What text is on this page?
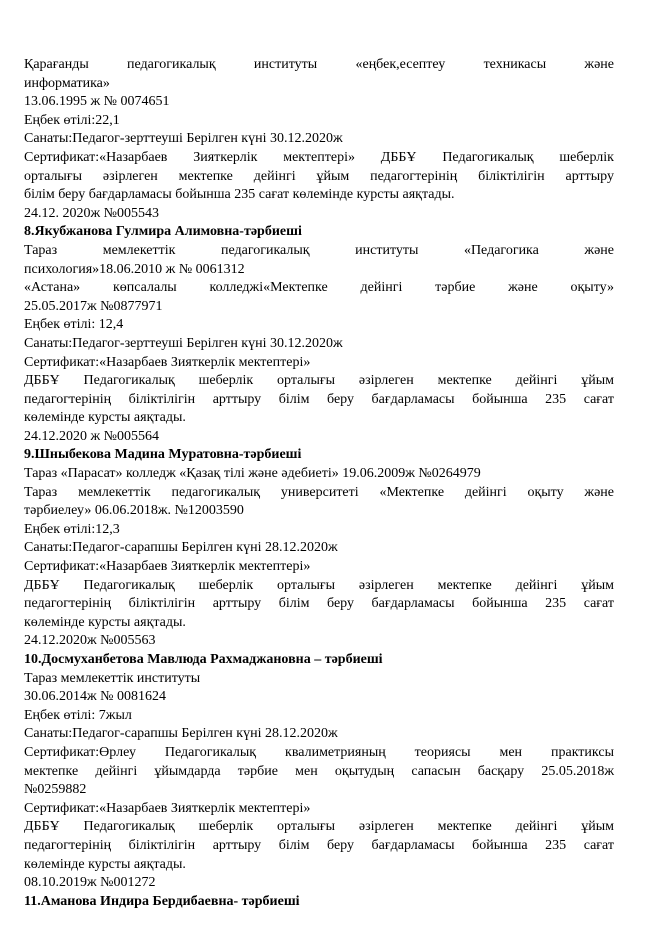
Қарағанды педагогикалық институты «еңбек,есептеу техникасы және
информатика»
13.06.1995 ж № 0074651
Еңбек өтілі:22,1
Санаты:Педагог-зерттеуші Берілген күні 30.12.2020ж
Сертификат:«Назарбаев Зияткерлік мектептері» ДББҰ Педагогикалық шеберлік
орталығы әзірлеген мектепке дейінгі ұйым педагогтерінің біліктілігін арттыру
білім беру бағдарламасы бойынша 235 сағат көлемінде курсты аяқтады.
24.12. 2020ж №005543
8.Якубжанова Гулмира Алимовна-тәрбиеші
Тараз мемлекеттік педагогикалық институты «Педагогика және
психология»18.06.2010 ж № 0061312
«Астана» көпсалалы колледжі«Мектепке дейінгі тәрбие және оқыту»
25.05.2017ж №0877971
Еңбек өтілі: 12,4
Санаты:Педагог-зерттеуші Берілген күні 30.12.2020ж
Сертификат:«Назарбаев Зияткерлік мектептері»
ДББҰ Педагогикалық шеберлік орталығы әзірлеген мектепке дейінгі ұйым
педагогтерінің біліктілігін арттыру білім беру бағдарламасы бойынша 235 сағат
көлемінде курсты аяқтады.
24.12.2020 ж №005564
9.Шныбекова Мадина Муратовна-тәрбиеші
Тараз «Парасат» колледж «Қазақ тілі және әдебиеті» 19.06.2009ж №0264979
Тараз мемлекеттік педагогикалық университеті «Мектепке дейінгі оқыту және
тәрбиелеу» 06.06.2018ж. №12003590
Еңбек өтілі:12,3
Санаты:Педагог-сарапшы Берілген күні 28.12.2020ж
Сертификат:«Назарбаев Зияткерлік мектептері»
ДББҰ Педагогикалық шеберлік орталығы әзірлеген мектепке дейінгі ұйым
педагогтерінің біліктілігін арттыру білім беру бағдарламасы бойынша 235 сағат
көлемінде курсты аяқтады.
24.12.2020ж №005563
10.Досмуханбетова Мавлюда Рахмаджановна – тәрбиеші
Тараз мемлекеттік институты
30.06.2014ж № 0081624
Еңбек өтілі: 7жыл
Санаты:Педагог-сарапшы Берілген күні 28.12.2020ж
Сертификат:Өрлеу Педагогикалық квалиметрияның теориясы мен практиксы
мектепке дейінгі ұйымдарда тәрбие мен оқытудың сапасын басқару 25.05.2018ж
№0259882
Сертификат:«Назарбаев Зияткерлік мектептері»
ДББҰ Педагогикалық шеберлік орталығы әзірлеген мектепке дейінгі ұйым
педагогтерінің біліктілігін арттыру білім беру бағдарламасы бойынша 235 сағат
көлемінде курсты аяқтады.
08.10.2019ж №001272
11.Аманова Индира Бердибаевна- тәрбиеші
